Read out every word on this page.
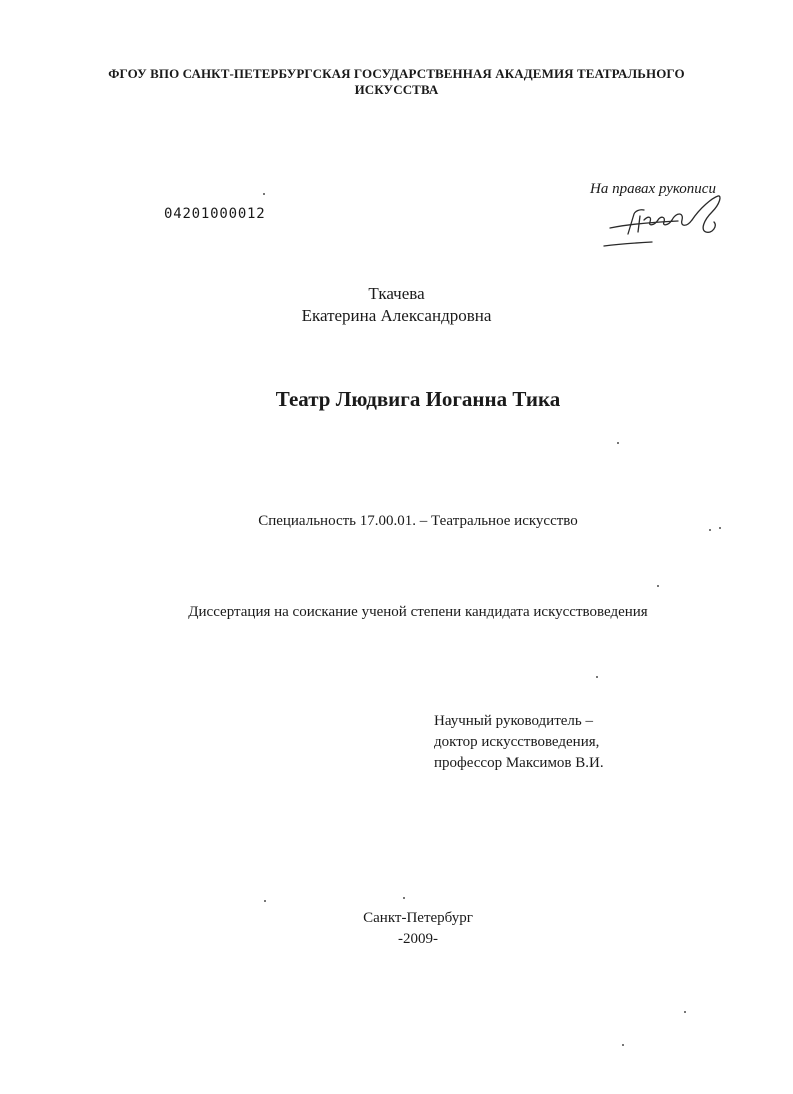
ФГОУ ВПО САНКТ-ПЕТЕРБУРГСКАЯ ГОСУДАРСТВЕННАЯ АКАДЕМИЯ ТЕАТРАЛЬНОГО
ИСКУССТВА
04201000012
На правах рукописи
Ткачева
Екатерина Александровна
Театр Людвига Иоганна Тика
Специальность 17.00.01. – Театральное искусство
Диссертация на соискание ученой степени кандидата искусствоведения
Научный руководитель –
доктор искусствоведения,
профессор Максимов В.И.
Санкт-Петербург
-2009-
